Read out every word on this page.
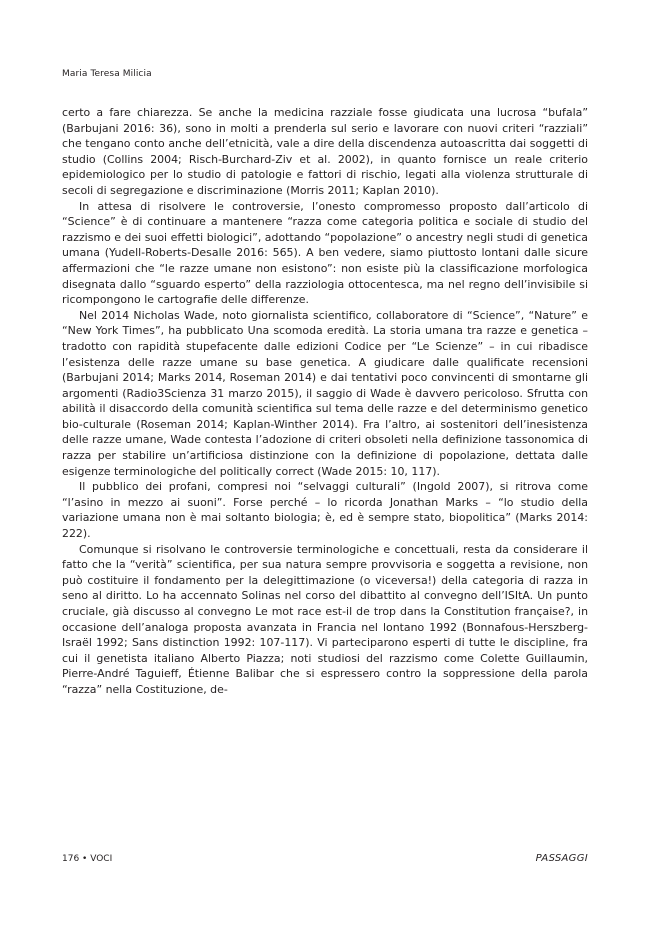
Maria Teresa Milicia

certo a fare chiarezza. Se anche la medicina razziale fosse giudicata una lucrosa “bufala” (Barbujani 2016: 36), sono in molti a prenderla sul serio e lavorare con nuovi criteri “razziali” che tengano conto anche dell’etnicità, vale a dire della discendenza autoascritta dai soggetti di studio (Collins 2004; Risch-Burchard-Ziv et al. 2002), in quanto fornisce un reale criterio epidemiologico per lo studio di patologie e fattori di rischio, legati alla violenza strutturale di secoli di segregazione e discriminazione (Morris 2011; Kaplan 2010).

In attesa di risolvere le controversie, l’onesto compromesso proposto dall’articolo di “Science” è di continuare a mantenere “razza come categoria politica e sociale di studio del razzismo e dei suoi effetti biologici”, adottando “popolazione” o ancestry negli studi di genetica umana (Yudell-Roberts-Desalle 2016: 565). A ben vedere, siamo piuttosto lontani dalle sicure affermazioni che “le razze umane non esistono”: non esiste più la classificazione morfologica disegnata dallo “sguardo esperto” della razziologia ottocentesca, ma nel regno dell’invisibile si ricompongono le cartografie delle differenze.

Nel 2014 Nicholas Wade, noto giornalista scientifico, collaboratore di “Science”, “Nature” e “New York Times”, ha pubblicato Una scomoda eredità. La storia umana tra razze e genetica – tradotto con rapidità stupefacente dalle edizioni Codice per “Le Scienze” – in cui ribadisce l’esistenza delle razze umane su base genetica. A giudicare dalle qualificate recensioni (Barbujani 2014; Marks 2014, Roseman 2014) e dai tentativi poco convincenti di smontarne gli argomenti (Radio3Scienza 31 marzo 2015), il saggio di Wade è davvero pericoloso. Sfrutta con abilità il disaccordo della comunità scientifica sul tema delle razze e del determinismo genetico bio-culturale (Roseman 2014; Kaplan-Winther 2014). Fra l’altro, ai sostenitori dell’inesistenza delle razze umane, Wade contesta l’adozione di criteri obsoleti nella definizione tassonomica di razza per stabilire un’artificiosa distinzione con la definizione di popolazione, dettata dalle esigenze terminologiche del politically correct (Wade 2015: 10, 117).

Il pubblico dei profani, compresi noi “selvaggi culturali” (Ingold 2007), si ritrova come “l’asino in mezzo ai suoni”. Forse perché – lo ricorda Jonathan Marks – “lo studio della variazione umana non è mai soltanto biologia; è, ed è sempre stato, biopolitica” (Marks 2014: 222).

Comunque si risolvano le controversie terminologiche e concettuali, resta da considerare il fatto che la “verità” scientifica, per sua natura sempre provvisoria e soggetta a revisione, non può costituire il fondamento per la delegittimazione (o viceversa!) della categoria di razza in seno al diritto. Lo ha accennato Solinas nel corso del dibattito al convegno dell’ISItA. Un punto cruciale, già discusso al convegno Le mot race est-il de trop dans la Constitution française?, in occasione dell’analoga proposta avanzata in Francia nel lontano 1992 (Bonnafous-Herszberg-Israël 1992; Sans distinction 1992: 107-117). Vi parteciparono esperti di tutte le discipline, fra cui il genetista italiano Alberto Piazza; noti studiosi del razzismo come Colette Guillaumin, Pierre-André Taguieff, Étienne Balibar che si espressero contro la soppressione della parola “razza” nella Costituzione, de-

176 • VOCI	PASSAGGI
